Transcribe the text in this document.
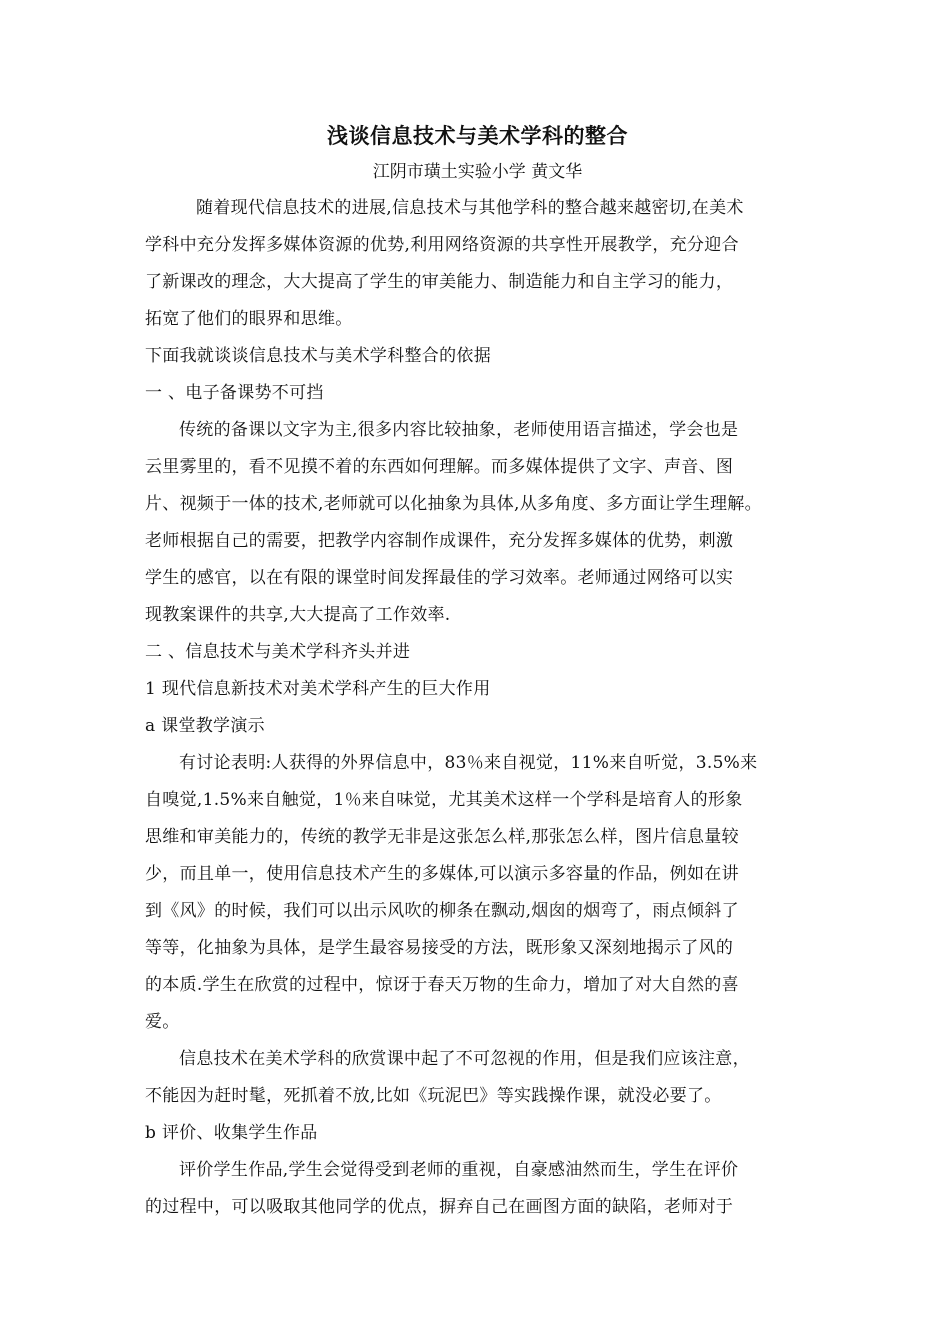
浅谈信息技术与美术学科的整合

江阴市璜土实验小学 黄文华

随着现代信息技术的进展,信息技术与其他学科的整合越来越密切,在美术
学科中充分发挥多媒体资源的优势,利用网络资源的共享性开展教学，充分迎合
了新课改的理念，大大提高了学生的审美能力、制造能力和自主学习的能力，
拓宽了他们的眼界和思维。

下面我就谈谈信息技术与美术学科整合的依据

一 、电子备课势不可挡

传统的备课以文字为主,很多内容比较抽象，老师使用语言描述，学会也是
云里雾里的，看不见摸不着的东西如何理解。而多媒体提供了文字、声音、图
片、视频于一体的技术,老师就可以化抽象为具体,从多角度、多方面让学生理解。
老师根据自己的需要，把教学内容制作成课件，充分发挥多媒体的优势，刺激
学生的感官，以在有限的课堂时间发挥最佳的学习效率。老师通过网络可以实
现教案课件的共享,大大提高了工作效率.

二 、信息技术与美术学科齐头并进

1 现代信息新技术对美术学科产生的巨大作用

a 课堂教学演示

有讨论表明:人获得的外界信息中，83％来自视觉，11%来自听觉，3.5%来
自嗅觉,1.5%来自触觉，1％来自味觉，尤其美术这样一个学科是培育人的形象
思维和审美能力的，传统的教学无非是这张怎么样,那张怎么样，图片信息量较
少，而且单一，使用信息技术产生的多媒体,可以演示多容量的作品，例如在讲
到《风》的时候，我们可以出示风吹的柳条在飘动,烟囱的烟弯了，雨点倾斜了
等等，化抽象为具体，是学生最容易接受的方法，既形象又深刻地揭示了风的
的本质.学生在欣赏的过程中，惊讶于春天万物的生命力，增加了对大自然的喜
爱。

信息技术在美术学科的欣赏课中起了不可忽视的作用，但是我们应该注意，
不能因为赶时髦，死抓着不放,比如《玩泥巴》等实践操作课，就没必要了。

b 评价、收集学生作品

评价学生作品,学生会觉得受到老师的重视，自豪感油然而生，学生在评价
的过程中，可以吸取其他同学的优点，摒弃自己在画图方面的缺陷，老师对于
